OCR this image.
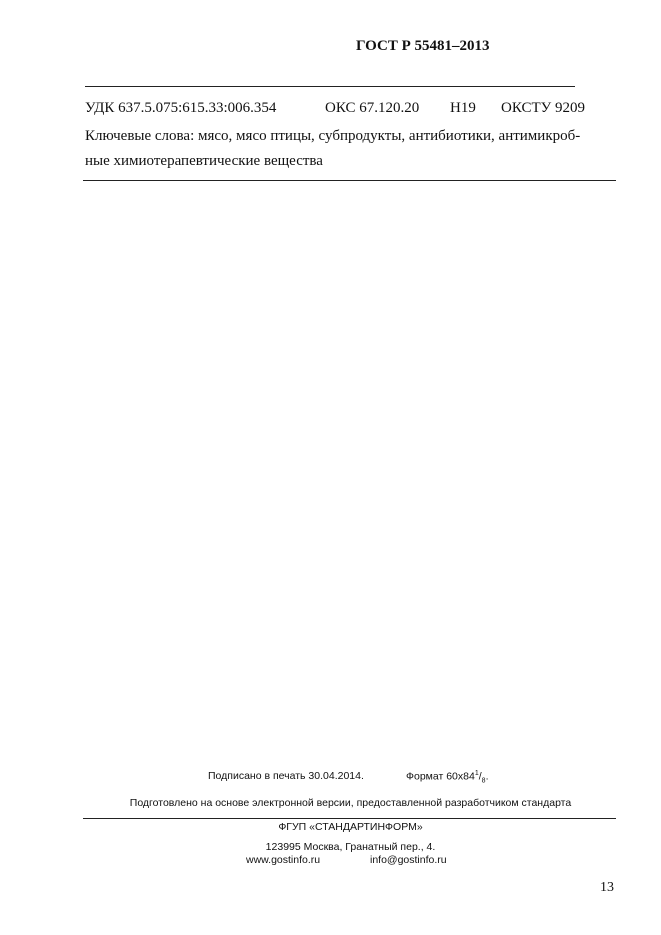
ГОСТ Р 55481–2013
УДК 637.5.075:615.33:006.354	ОКС 67.120.20 Н19 ОКСТУ 9209
Ключевые слова: мясо, мясо птицы, субпродукты, антибиотики, антимикроб-
ные химиотерапевтические вещества
Подписано в печать 30.04.2014.	Формат $60x84^1/_8$.
Подготовлено на основе электронной версии, предоставленной разработчиком стандарта
ФГУП «СТАНДАРТИНФОРМ»
123995 Москва, Гранатный пер., 4.
www.gostinfo.ru	info@gostinfo.ru
13
